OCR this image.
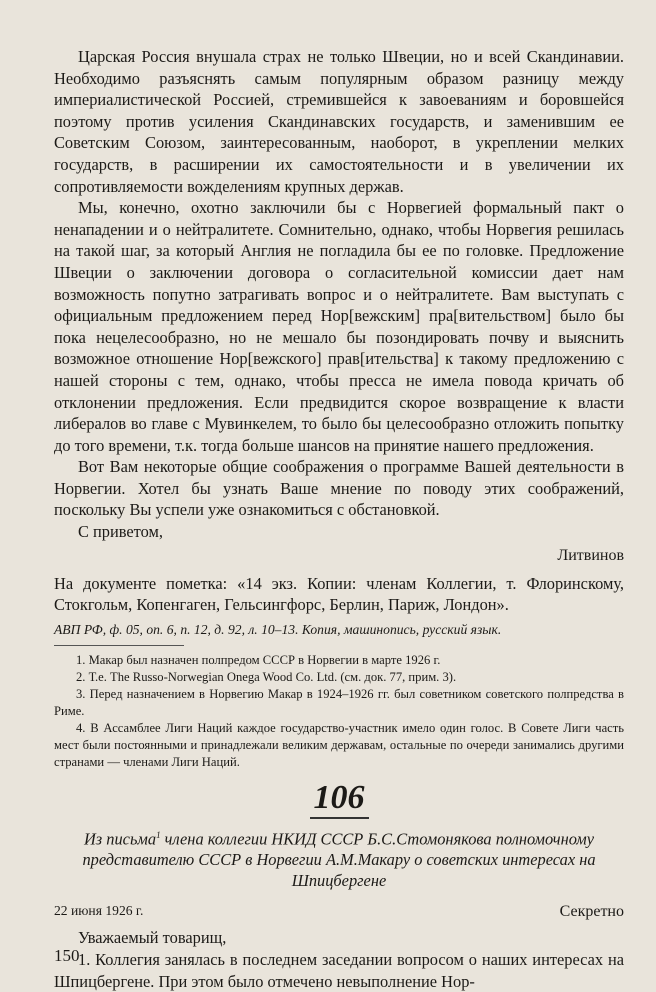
Царская Россия внушала страх не только Швеции, но и всей Скандинавии. Необходимо разъяснять самым популярным образом разницу между империалистической Россией, стремившейся к завоеваниям и боровшейся поэтому против усиления Скандинавских государств, и заменившим ее Советским Союзом, заинтересованным, наоборот, в укреплении мелких государств, в расширении их самостоятельности и в увеличении их сопротивляемости вожделениям крупных держав.

Мы, конечно, охотно заключили бы с Норвегией формальный пакт о ненападении и о нейтралитете. Сомнительно, однако, чтобы Норвегия решилась на такой шаг, за который Англия не погладила бы ее по головке. Предложение Швеции о заключении договора о согласительной комиссии дает нам возможность попутно затрагивать вопрос и о нейтралитете. Вам выступать с официальным предложением перед Нор[вежским] пра[вительством] было бы пока нецелесообразно, но не мешало бы позондировать почву и выяснить возможное отношение Нор[вежского] прав[ительства] к такому предложению с нашей стороны с тем, однако, чтобы пресса не имела повода кричать об отклонении предложения. Если предвидится скорое возвращение к власти либералов во главе с Мувинкелем, то было бы целесообразно отложить попытку до того времени, т.к. тогда больше шансов на принятие нашего предложения.

Вот Вам некоторые общие соображения о программе Вашей деятельности в Норвегии. Хотел бы узнать Ваше мнение по поводу этих соображений, поскольку Вы успели уже ознакомиться с обстановкой.

С приветом,

Литвинов

На документе пометка: «14 экз. Копии: членам Коллегии, т. Флоринскому, Стокгольм, Копенгаген, Гельсингфорс, Берлин, Париж, Лондон».

АВП РФ, ф. 05, оп. 6, п. 12, д. 92, л. 10–13. Копия, машинопись, русский язык.

1. Макар был назначен полпредом СССР в Норвегии в марте 1926 г.

2. Т.е. The Russo-Norwegian Onega Wood Co. Ltd. (см. док. 77, прим. 3).

3. Перед назначением в Норвегию Макар в 1924–1926 гг. был советником советского полпредства в Риме.

4. В Ассамблее Лиги Наций каждое государство-участник имело один голос. В Совете Лиги часть мест были постоянными и принадлежали великим державам, остальные по очереди занимались другими странами — членами Лиги Наций.

106
Из письма$^1$ члена коллегии НКИД СССР Б.С.Стомонякова полномочному представителю СССР в Норвегии А.М.Макару о советских интересах на Шпицбергене
22 июня 1926 г.	Секретно

Уважаемый товарищ,

1. Коллегия занялась в последнем заседании вопросом о наших интересах на Шпицбергене. При этом было отмечено невыполнение Нор-

150
